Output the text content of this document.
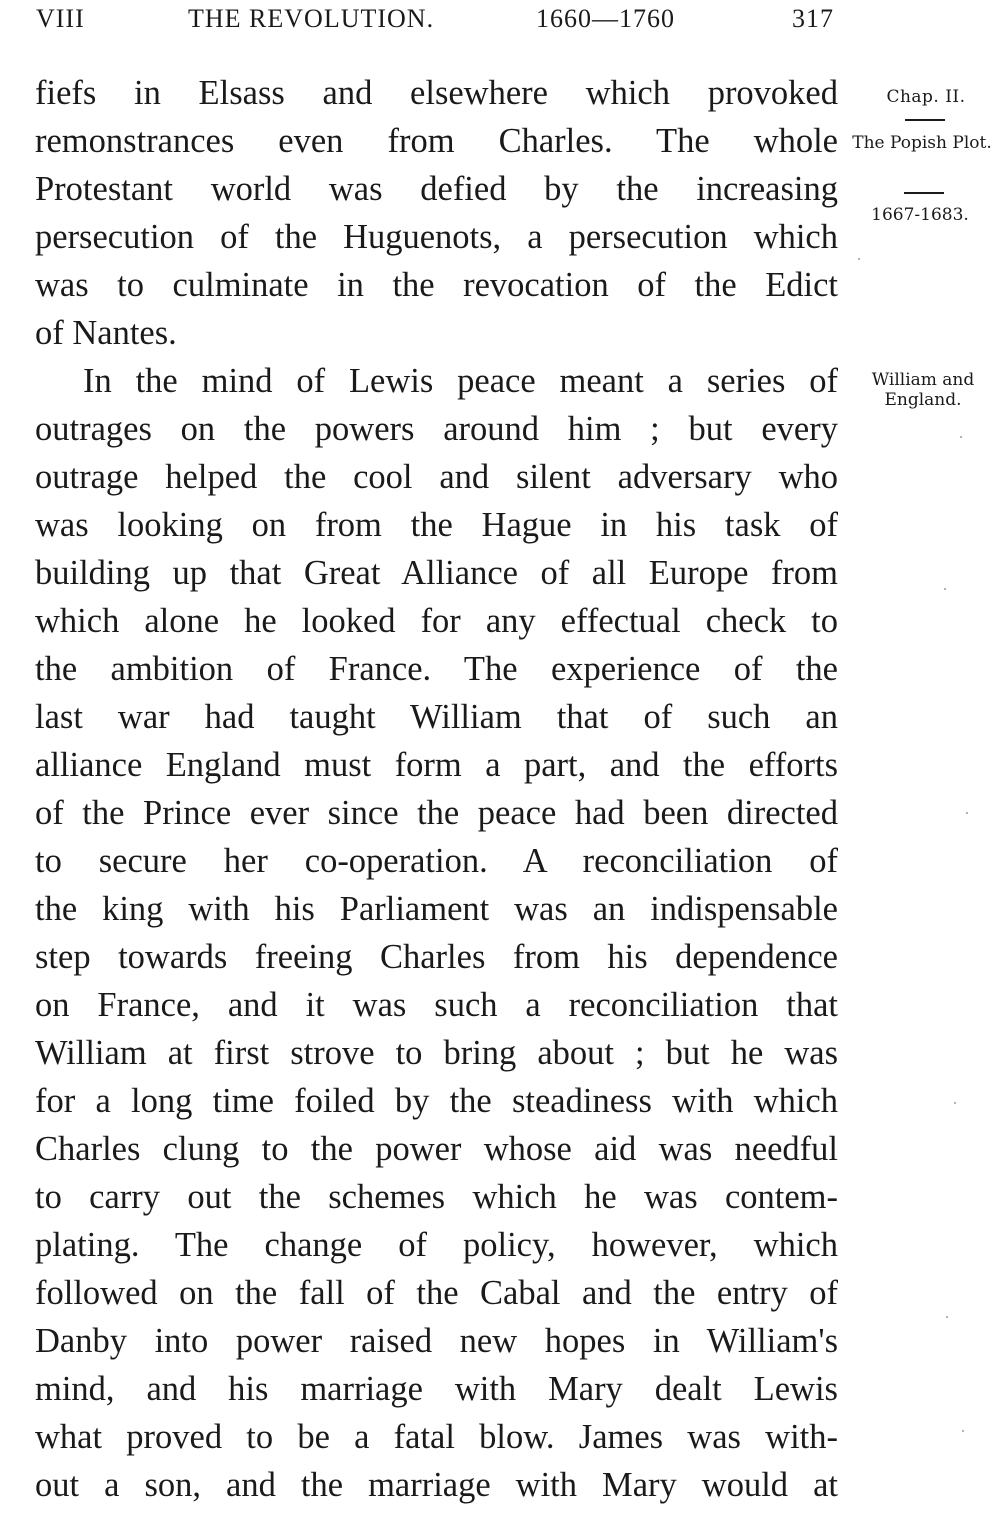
VIII	THE REVOLUTION.	1660—1760	317
fiefs in Elsass and elsewhere which provoked
remonstrances even from Charles. The whole
Protestant world was defied by the increasing
persecution of the Huguenots, a persecution which
was to culminate in the revocation of the Edict
of Nantes.
In the mind of Lewis peace meant a series of
outrages on the powers around him ; but every
outrage helped the cool and silent adversary who
was looking on from the Hague in his task of
building up that Great Alliance of all Europe from
which alone he looked for any effectual check to
the ambition of France. The experience of the
last war had taught William that of such an
alliance England must form a part, and the efforts
of the Prince ever since the peace had been directed
to secure her co-operation. A reconciliation of
the king with his Parliament was an indispensable
step towards freeing Charles from his dependence
on France, and it was such a reconciliation that
William at first strove to bring about ; but he was
for a long time foiled by the steadiness with which
Charles clung to the power whose aid was needful
to carry out the schemes which he was contem-
plating. The change of policy, however, which
followed on the fall of the Cabal and the entry of
Danby into power raised new hopes in William's
mind, and his marriage with Mary dealt Lewis
what proved to be a fatal blow. James was with-
out a son, and the marriage with Mary would at
Chap. II.
The Popish Plot.
1667-1683.
William and England.
